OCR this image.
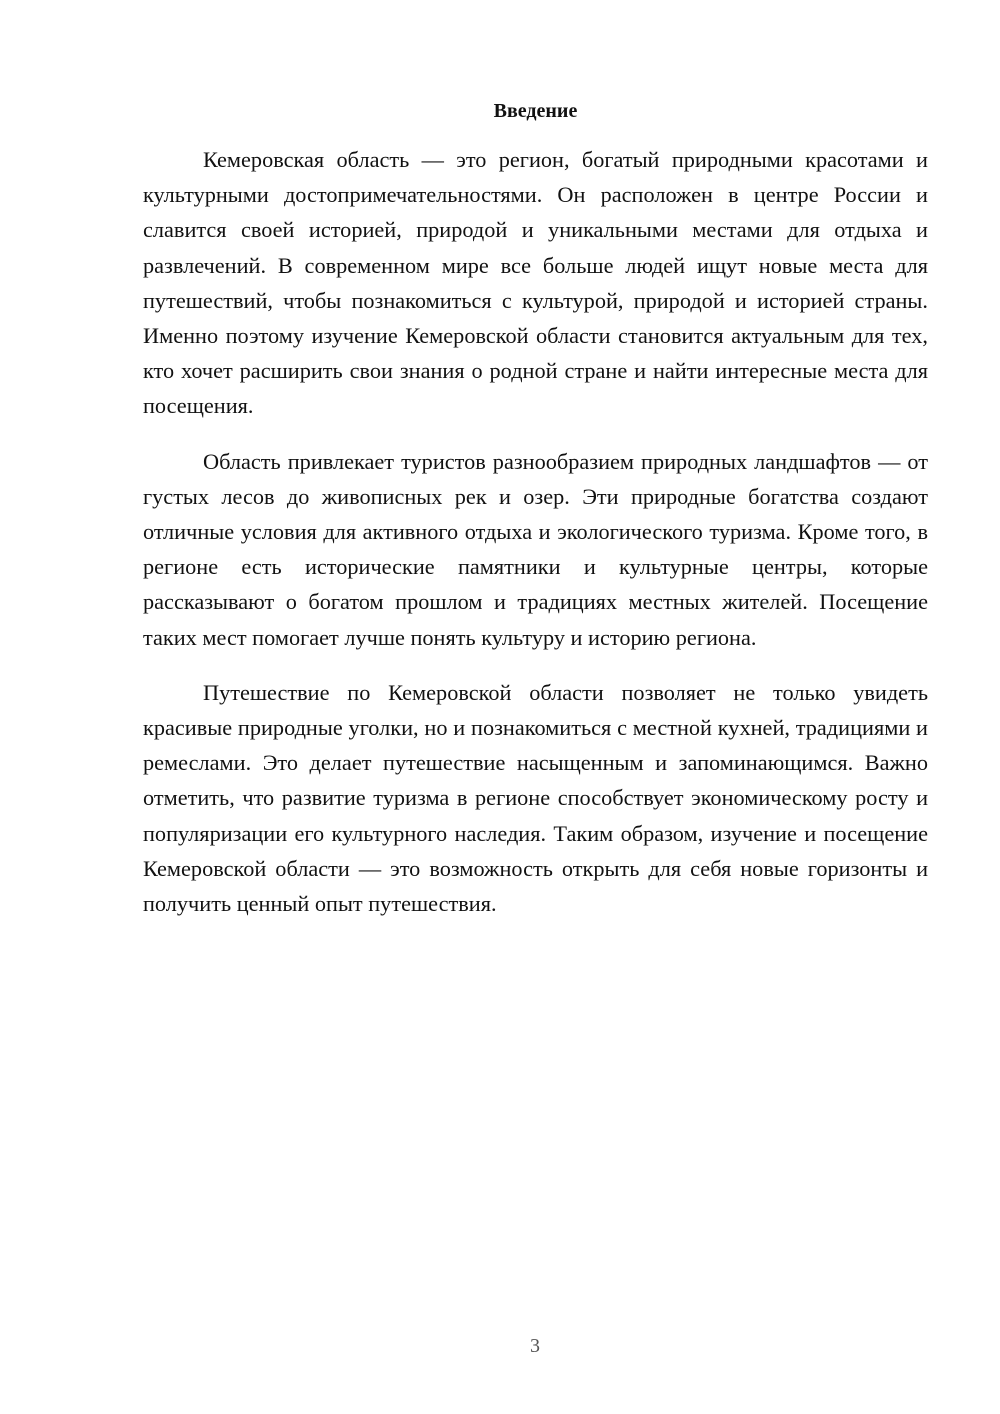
Введение

Кемеровская область — это регион, богатый природными красотами и культурными достопримечательностями. Он расположен в центре России и славится своей историей, природой и уникальными местами для отдыха и развлечений. В современном мире все больше людей ищут новые места для путешествий, чтобы познакомиться с культурой, природой и историей страны. Именно поэтому изучение Кемеровской области становится актуальным для тех, кто хочет расширить свои знания о родной стране и найти интересные места для посещения.

Область привлекает туристов разнообразием природных ландшафтов — от густых лесов до живописных рек и озер. Эти природные богатства создают отличные условия для активного отдыха и экологического туризма. Кроме того, в регионе есть исторические памятники и культурные центры, которые рассказывают о богатом прошлом и традициях местных жителей. Посещение таких мест помогает лучше понять культуру и историю региона.

Путешествие по Кемеровской области позволяет не только увидеть красивые природные уголки, но и познакомиться с местной кухней, традициями и ремеслами. Это делает путешествие насыщенным и запоминающимся. Важно отметить, что развитие туризма в регионе способствует экономическому росту и популяризации его культурного наследия. Таким образом, изучение и посещение Кемеровской области — это возможность открыть для себя новые горизонты и получить ценный опыт путешествия.

3
